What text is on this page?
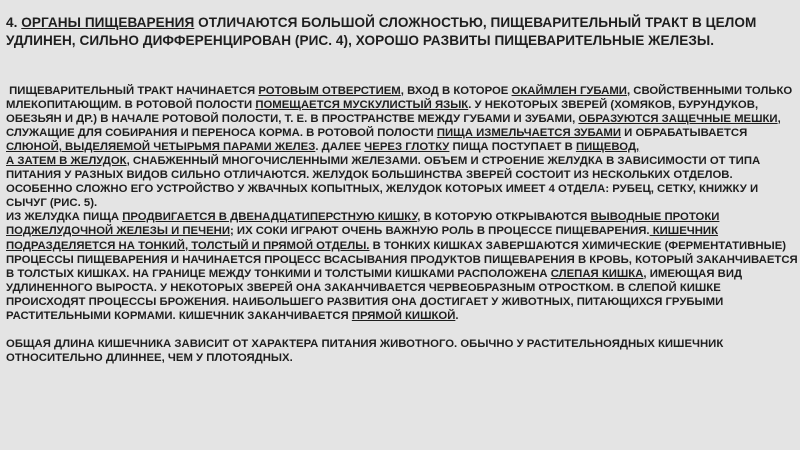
4. ОРГАНЫ ПИЩЕВАРЕНИЯ ОТЛИЧАЮТСЯ БОЛЬШОЙ СЛОЖНОСТЬЮ, ПИЩЕВАРИТЕЛЬНЫЙ ТРАКТ В ЦЕЛОМ УДЛИНЕН, СИЛЬНО ДИФФЕРЕНЦИРОВАН (РИС. 4), ХОРОШО РАЗВИТЫ ПИЩЕВАРИТЕЛЬНЫЕ ЖЕЛЕЗЫ.
ПИЩЕВАРИТЕЛЬНЫЙ ТРАКТ НАЧИНАЕТСЯ РОТОВЫМ ОТВЕРСТИЕМ, ВХОД В КОТОРОЕ ОКАЙМЛЕН ГУБАМИ, СВОЙСТВЕННЫМИ ТОЛЬКО МЛЕКОПИТАЮЩИМ. В РОТОВОЙ ПОЛОСТИ ПОМЕЩАЕТСЯ МУСКУЛИСТЫЙ ЯЗЫК. У НЕКОТОРЫХ ЗВЕРЕЙ (ХОМЯКОВ, БУРУНДУКОВ, ОБЕЗЬЯН И ДР.) В НАЧАЛЕ РОТОВОЙ ПОЛОСТИ, Т. Е. В ПРОСТРАНСТВЕ МЕЖДУ ГУБАМИ И ЗУБАМИ, ОБРАЗУЮТСЯ ЗАЩЕЧНЫЕ МЕШКИ, СЛУЖАЩИЕ ДЛЯ СОБИРАНИЯ И ПЕРЕНОСА КОРМА. В РОТОВОЙ ПОЛОСТИ ПИЩА ИЗМЕЛЬЧАЕТСЯ ЗУБАМИ И ОБРАБАТЫВАЕТСЯ СЛЮНОЙ, ВЫДЕЛЯЕМОЙ ЧЕТЫРЬМЯ ПАРАМИ ЖЕЛЕЗ. ДАЛЕЕ ЧЕРЕЗ ГЛОТКУ ПИЩА ПОСТУПАЕТ В ПИЩЕВОД,
А ЗАТЕМ В ЖЕЛУДОК, СНАБЖЕННЫЙ МНОГОЧИСЛЕННЫМИ ЖЕЛЕЗАМИ. ОБЪЕМ И СТРОЕНИЕ ЖЕЛУДКА В ЗАВИСИМОСТИ ОТ ТИПА ПИТАНИЯ У РАЗНЫХ ВИДОВ СИЛЬНО ОТЛИЧАЮТСЯ. ЖЕЛУДОК БОЛЬШИНСТВА ЗВЕРЕЙ СОСТОИТ ИЗ НЕСКОЛЬКИХ ОТДЕЛОВ. ОСОБЕННО СЛОЖНО ЕГО УСТРОЙСТВО У ЖВАЧНЫХ КОПЫТНЫХ, ЖЕЛУДОК КОТОРЫХ ИМЕЕТ 4 ОТДЕЛА: РУБЕЦ, СЕТКУ, КНИЖКУ И СЫЧУГ (РИС. 5).
ИЗ ЖЕЛУДКА ПИЩА ПРОДВИГАЕТСЯ В ДВЕНАДЦАТИПЕРСТНУЮ КИШКУ, В КОТОРУЮ ОТКРЫВАЮТСЯ ВЫВОДНЫЕ ПРОТОКИ ПОДЖЕЛУДОЧНОЙ ЖЕЛЕЗЫ И ПЕЧЕНИ; ИХ СОКИ ИГРАЮТ ОЧЕНЬ ВАЖНУЮ РОЛЬ В ПРОЦЕССЕ ПИЩЕВАРЕНИЯ. КИШЕЧНИК ПОДРАЗДЕЛЯЕТСЯ НА ТОНКИЙ, ТОЛСТЫЙ И ПРЯМОЙ ОТДЕЛЫ. В ТОНКИХ КИШКАХ ЗАВЕРШАЮТСЯ ХИМИЧЕСКИЕ (ФЕРМЕНТАТИВНЫЕ) ПРОЦЕССЫ ПИЩЕВАРЕНИЯ И НАЧИНАЕТСЯ ПРОЦЕСС ВСАСЫВАНИЯ ПРОДУКТОВ ПИЩЕВАРЕНИЯ В КРОВЬ, КОТОРЫЙ ЗАКАНЧИВАЕТСЯ В ТОЛСТЫХ КИШКАХ. НА ГРАНИЦЕ МЕЖДУ ТОНКИМИ И ТОЛСТЫМИ КИШКАМИ РАСПОЛОЖЕНА СЛЕПАЯ КИШКА, ИМЕЮЩАЯ ВИД УДЛИНЕННОГО ВЫРОСТА. У НЕКОТОРЫХ ЗВЕРЕЙ ОНА ЗАКАНЧИВАЕТСЯ ЧЕРВЕОБРАЗНЫМ ОТРОСТКОМ. В СЛЕПОЙ КИШКЕ ПРОИСХОДЯТ ПРОЦЕССЫ БРОЖЕНИЯ. НАИБОЛЬШЕГО РАЗВИТИЯ ОНА ДОСТИГАЕТ У ЖИВОТНЫХ, ПИТАЮЩИХСЯ ГРУБЫМИ РАСТИТЕЛЬНЫМИ КОРМАМИ. КИШЕЧНИК ЗАКАНЧИВАЕТСЯ ПРЯМОЙ КИШКОЙ.
ОБЩАЯ ДЛИНА КИШЕЧНИКА ЗАВИСИТ ОТ ХАРАКТЕРА ПИТАНИЯ ЖИВОТНОГО. ОБЫЧНО У РАСТИТЕЛЬНОЯДНЫХ КИШЕЧНИК ОТНОСИТЕЛЬНО ДЛИННЕЕ, ЧЕМ У ПЛОТОЯДНЫХ.
